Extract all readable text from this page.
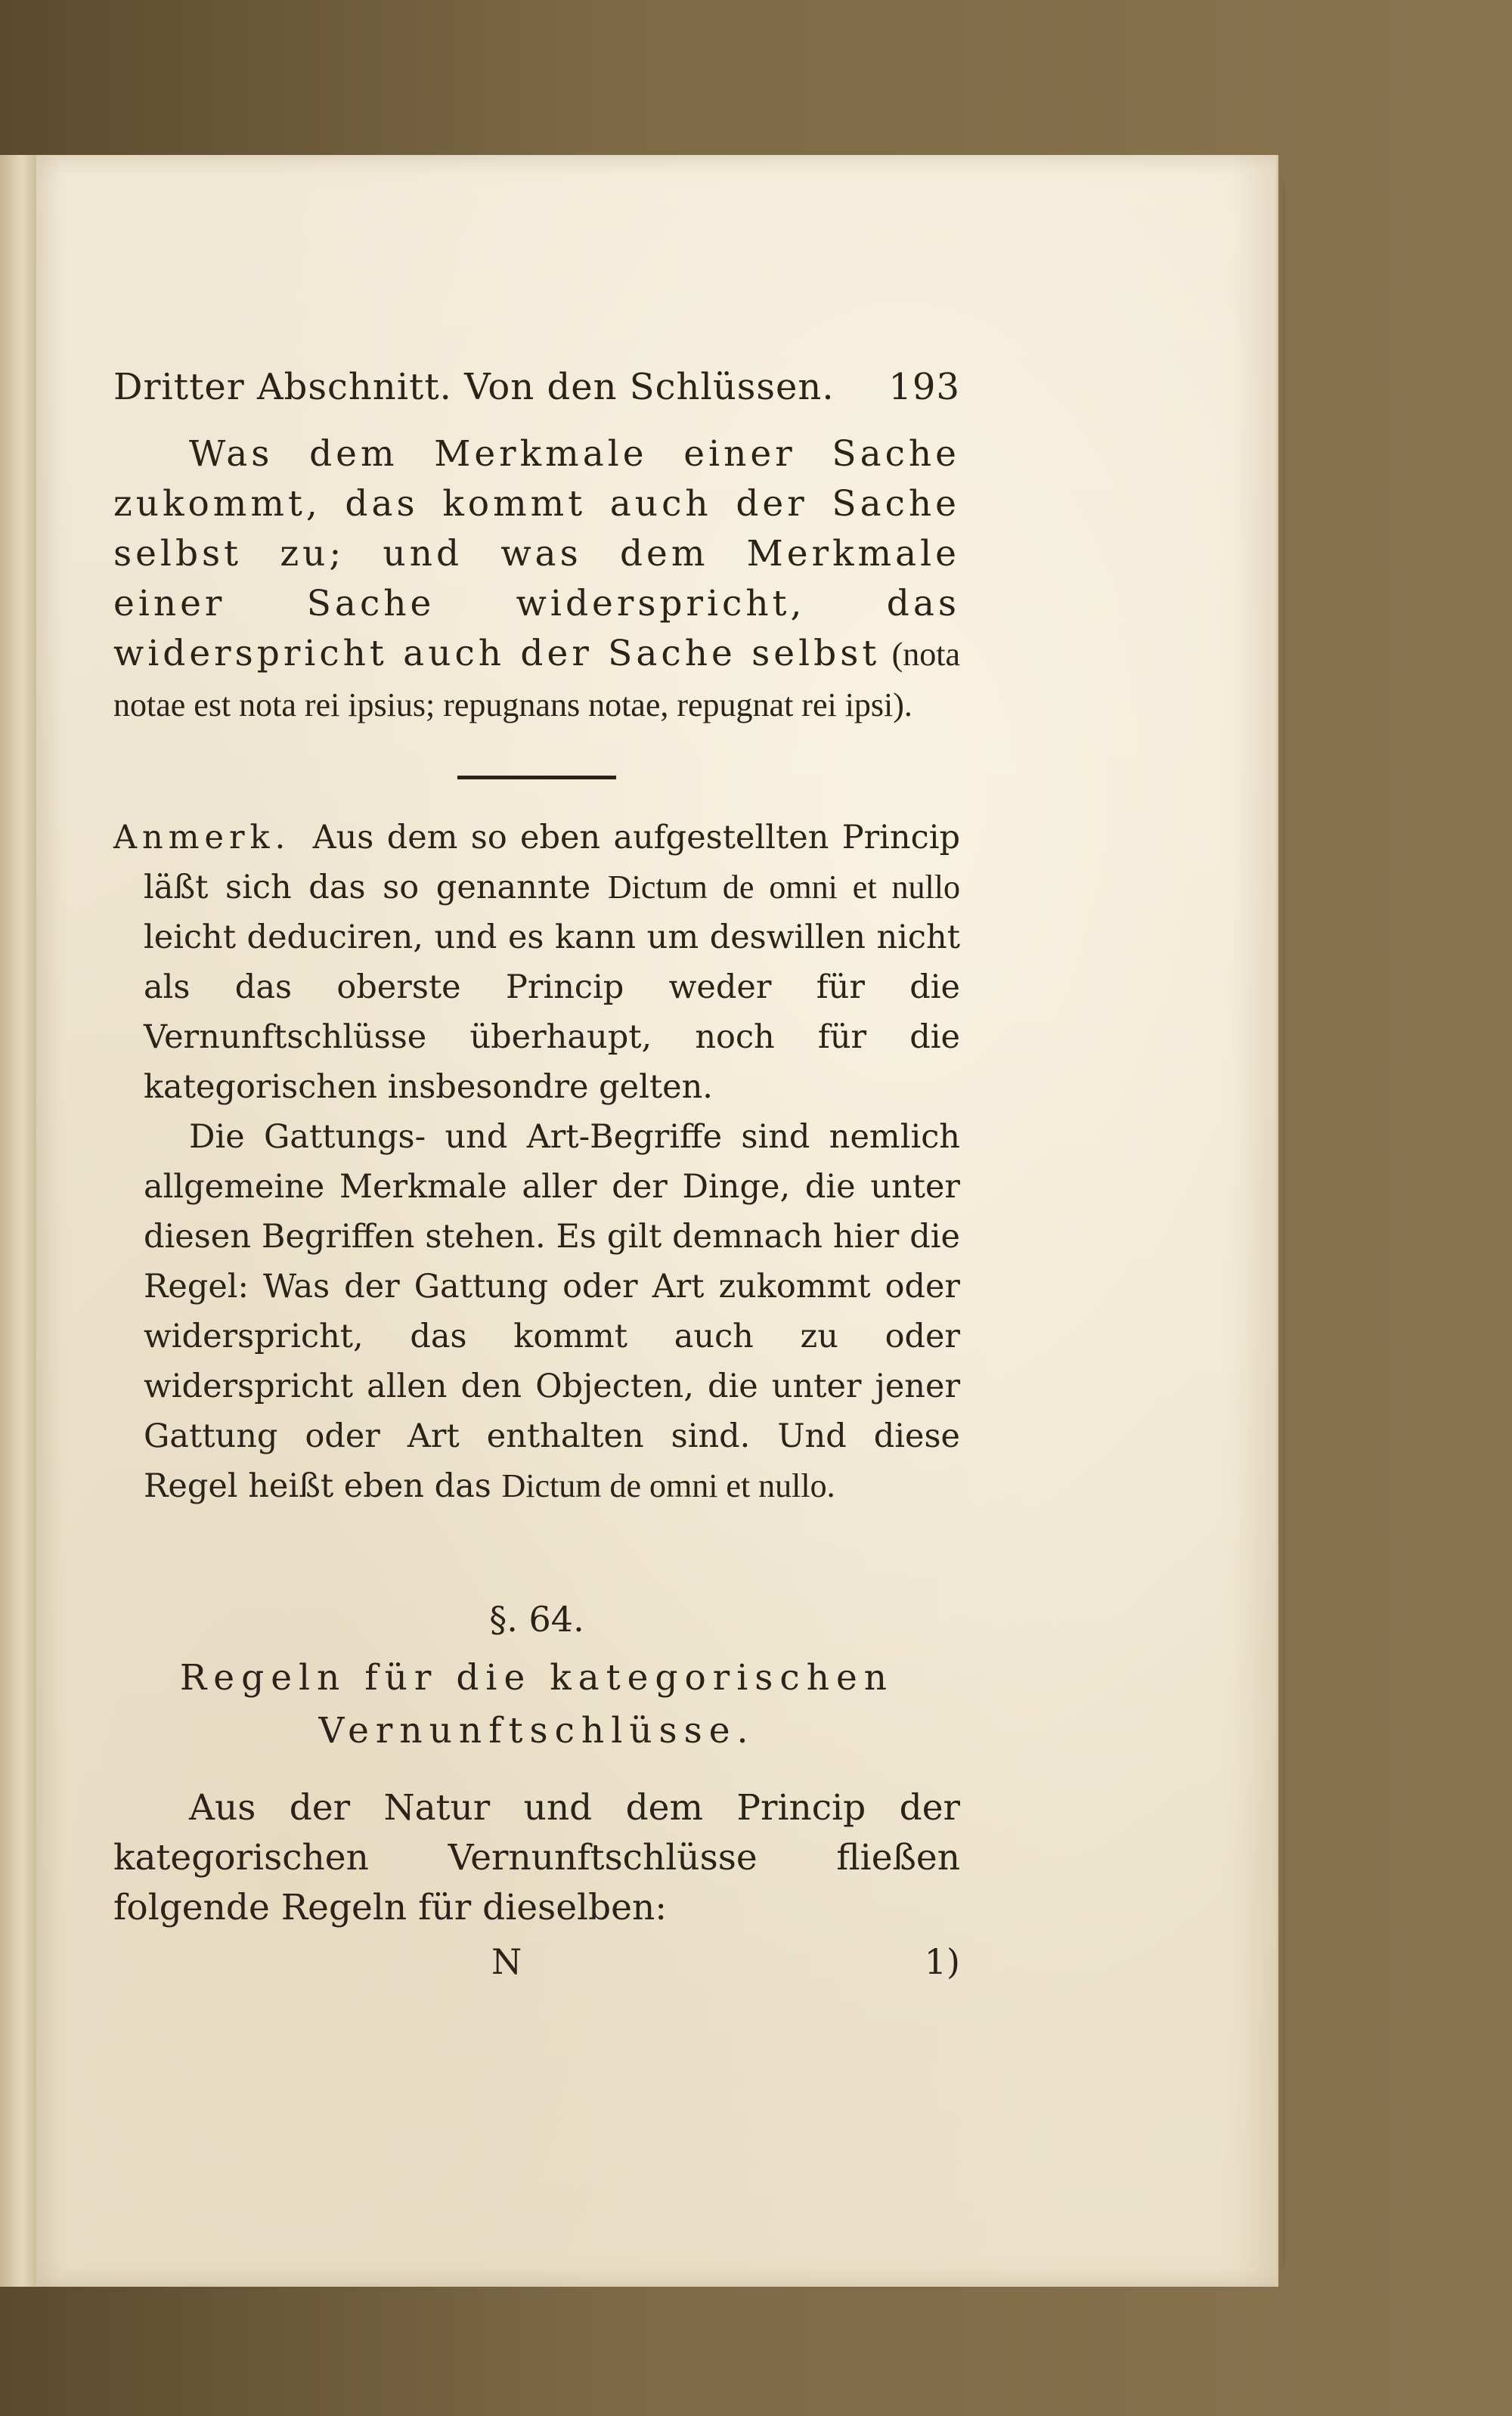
Dritter Abschnitt. Von den Schlüssen. 193

Was dem Merkmale einer Sache zukommt, das kommt auch der Sache selbst zu; und was dem Merkmale einer Sache widerspricht, das widerspricht auch der Sache selbst (nota notae est nota rei ipsius; repugnans notae, repugnat rei ipsi).

Anmerk. Aus dem so eben aufgestellten Princip läßt sich das so genannte Dictum de omni et nullo leicht deduciren, und es kann um deswillen nicht als das oberste Princip weder für die Vernunftschlüsse überhaupt, noch für die kategorischen insbesondre gelten.

Die Gattungs- und Art-Begriffe sind nemlich allgemeine Merkmale aller der Dinge, die unter diesen Begriffen stehen. Es gilt demnach hier die Regel: Was der Gattung oder Art zukommt oder widerspricht, das kommt auch zu oder widerspricht allen den Objecten, die unter jener Gattung oder Art enthalten sind. Und diese Regel heißt eben das Dictum de omni et nullo.

§. 64.
Regeln für die kategorischen Vernunftschlüsse.

Aus der Natur und dem Princip der kategorischen Vernunftschlüsse fließen folgende Regeln für dieselben:

N	1)
